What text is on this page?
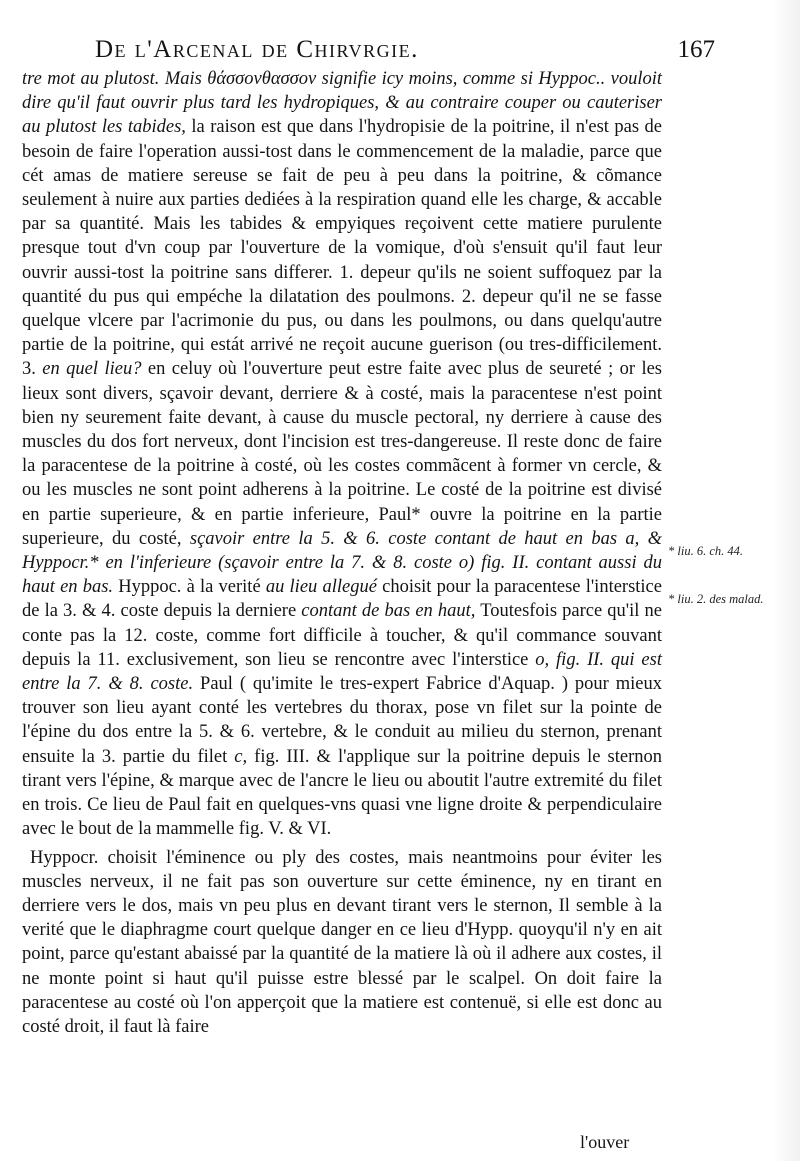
De l'Arcenal de Chirvrgie.	167

tre mot au plutost. Mais θάσσονθασσον signifie icy moins, comme si Hyppoc.. vouloit dire qu'il faut ouvrir plus tard les hydropiques, & au contraire couper ou cauteriser au plutost les tabides, la raison est que dans l'hydropisie de la poitrine, il n'est pas de besoin de faire l'operation aussi-tost dans le commencement de la maladie, parce que cét amas de matiere sereuse se fait de peu à peu dans la poitrine, & cõmance seulement à nuire aux parties dediées à la respiration quand elle les charge, & accable par sa quantité. Mais les tabides & empyiques reçoivent cette matiere purulente presque tout d'vn coup par l'ouverture de la vomique, d'où s'ensuit qu'il faut leur ouvrir aussi-tost la poitrine sans differer. 1. depeur qu'ils ne soient suffoquez par la quantité du pus qui empéche la dilatation des poulmons. 2. depeur qu'il ne se fasse quelque vlcere par l'acrimonie du pus, ou dans les poulmons, ou dans quelqu'autre partie de la poitrine, qui estát arrivé ne reçoit aucune guerison (ou tres-difficilement. 3. en quel lieu? en celuy où l'ouverture peut estre faite avec plus de seureté ; or les lieux sont divers, sçavoir devant, derriere & à costé, mais la paracentese n'est point bien ny seurement faite devant, à cause du muscle pectoral, ny derriere à cause des muscles du dos fort nerveux, dont l'incision est tres-dangereuse. Il reste donc de faire la paracentese de la poitrine à costé, où les costes commãcent à former vn cercle, & ou les muscles ne sont point adherens à la poitrine. Le costé de la poitrine est divisé en partie superieure, & en partie inferieure, Paul* ouvre la poitrine en la partie superieure, du costé, sçavoir entre la 5. & 6. coste contant de haut en bas a, & Hyppocr.* en l'inferieure (sçavoir entre la 7. & 8. coste o) fig. II. contant aussi du haut en bas. Hyppoc. à la verité au lieu allegué choisit pour la paracentese l'interstice de la 3. & 4. coste depuis la derniere contant de bas en haut, Toutesfois parce qu'il ne conte pas la 12. coste, comme fort difficile à toucher, & qu'il commance souvant depuis la 11. exclusivement, son lieu se rencontre avec l'interstice o, fig. II. qui est entre la 7. & 8. coste. Paul ( qu'imite le tres-expert Fabrice d'Aquap. ) pour mieux trouver son lieu ayant conté les vertebres du thorax, pose vn filet sur la pointe de l'épine du dos entre la 5. & 6. vertebre, & le conduit au milieu du sternon, prenant ensuite la 3. partie du filet c, fig. III. & l'applique sur la poitrine depuis le sternon tirant vers l'épine, & marque avec de l'ancre le lieu ou aboutit l'autre extremité du filet en trois. Ce lieu de Paul fait en quelques-vns quasi vne ligne droite & perpendiculaire avec le bout de la mammelle fig. V. & VI.

Hyppocr. choisit l'éminence ou ply des costes, mais neantmoins pour éviter les muscles nerveux, il ne fait pas son ouverture sur cette éminence, ny en tirant en derriere vers le dos, mais vn peu plus en devant tirant vers le sternon, Il semble à la verité que le diaphragme court quelque danger en ce lieu d'Hypp. quoyqu'il n'y en ait point, parce qu'estant abaissé par la quantité de la matiere là où il adhere aux costes, il ne monte point si haut qu'il puisse estre blessé par le scalpel. On doit faire la paracentese au costé où l'on apperçoit que la matiere est contenuë, si elle est donc au costé droit, il faut là faire

* liu. 6. ch. 44.
* liu. 2. des malad.
l'ouver
